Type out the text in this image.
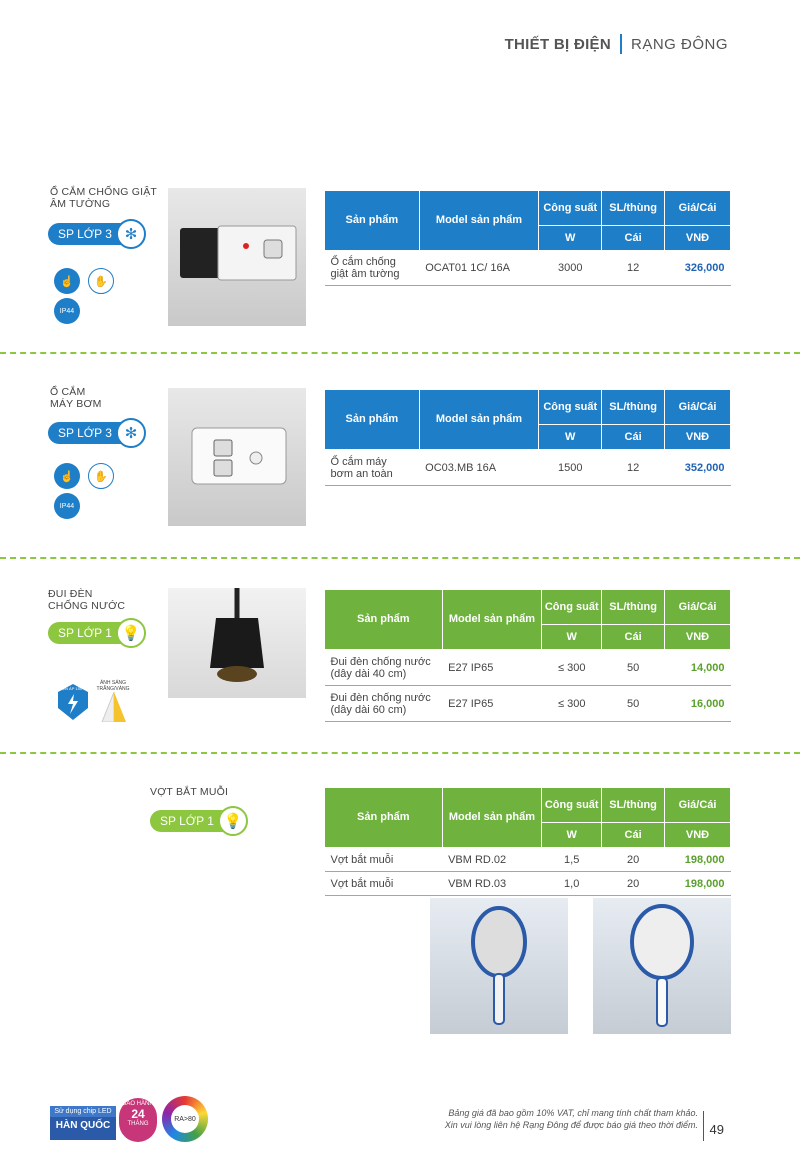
THIẾT BỊ ĐIỆN RẠNG ĐÔNG
Ổ CẮM CHỐNG GIẬT
ÂM TƯỜNG
SP LỚP 3 ✻
☝	✋
IP44
Sản phẩm	Model sản phẩm	Công suất	SL/thùng	Giá/Cái
		W	Cái	VNĐ

Ổ cắm chống
giật âm tường	OCAT01 1C/ 16A	3000	12	326,000
Ổ CẮM
MÁY BƠM
SP LỚP 3 ✻
☝	✋
IP44
Sản phẩm	Model sản phẩm	Công suất	SL/thùng	Giá/Cái
		W	Cái	VNĐ

Ổ cắm máy
bơm an toàn	OC03.MB 16A	1500	12	352,000
ĐUI ĐÈN
CHỐNG NƯỚC
SP LỚP 1 💡
ĐIỆN ÁP 150÷250V
ÁNH SÁNG TRẮNG/VÀNG
Sản phẩm	Model sản phẩm	Công suất	SL/thùng	Giá/Cái
		W	Cái	VNĐ

Đui đèn chống nước
(dây dài 40 cm)	E27 IP65	≤ 300	50	14,000

Đui đèn chống nước
(dây dài 60 cm)	E27 IP65	≤ 300	50	16,000
VỢT BẮT MUỖI
SP LỚP 1 💡	Sản phẩm	Model sản phẩm	Công suất	SL/thùng	Giá/Cái
		W	Cái	VNĐ
Vợt bắt muỗi	VBM RD.02	1,5	20	198,000
Vợt bắt muỗi	VBM RD.03	1,0	20	198,000
Sử dụng chip LED
HÀN QUỐC
BẢO HÀNH
24
THÁNG
RA>80
Bảng giá đã bao gồm 10% VAT, chỉ mang tính chất tham khảo.
Xin vui lòng liên hệ Rạng Đông để được báo giá theo thời điểm. 49
